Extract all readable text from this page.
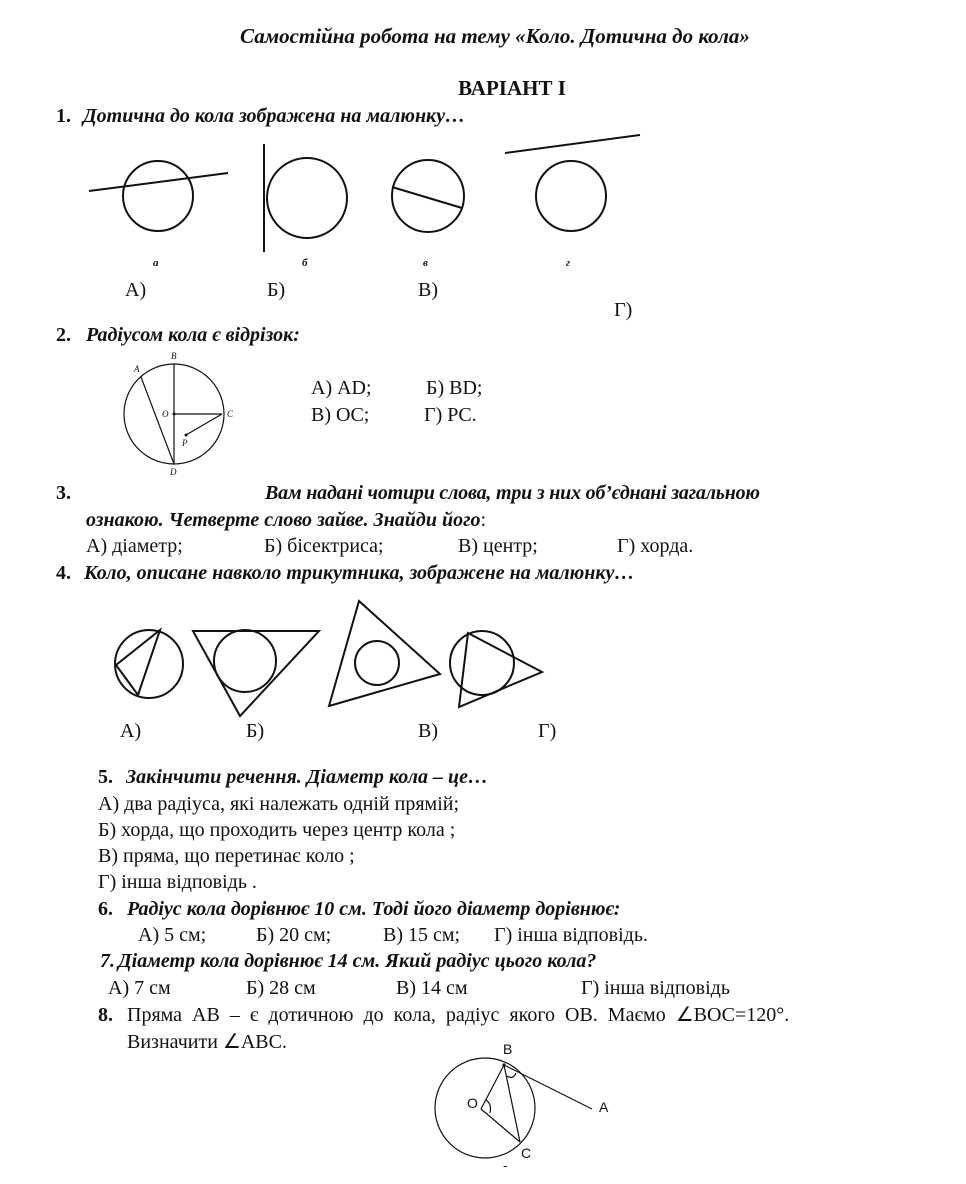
Самостійна робота на тему «Коло. Дотична до кола»
ВАРІАНТ І
1. Дотична до кола зображена на малюнку…
а	б	в	г
А)	Б)	В)
Г)
2. Радіусом кола є відрізок:
A
B
O	C
P
D
А) AD;	Б) BD;
В) OC;	Г) PC.
3.	Вам надані чотири слова, три з них об’єднані загальною
ознакою. Четверте слово зайве. Знайди його:
А) діаметр;	Б) бісектриса;	В) центр;	Г) хорда.
4. Коло, описане навколо трикутника, зображене на малюнку…
А)	Б)	В)	Г)
5. Закінчити речення. Діаметр кола – це…
А) два радіуса, які належать одній прямій;
Б) хорда, що проходить через центр кола ;
В) пряма, що перетинає коло ;
Г) інша відповідь .
6. Радіус кола дорівнює 10 см. Тоді його діаметр дорівнює:
А) 5 см; Б) 20 см;	В) 15 см; Г) інша відповідь.
7. Діаметр кола дорівнює 14 см. Який радіус цього кола?
А) 7 см	Б) 28 см	В) 14 см	Г) інша відповідь
8. Пряма АВ – є дотичною до кола, радіус якого ОВ. Маємо ∠ВОС=120°.
Визначити ∠АВС.	B
O	A
C
-
